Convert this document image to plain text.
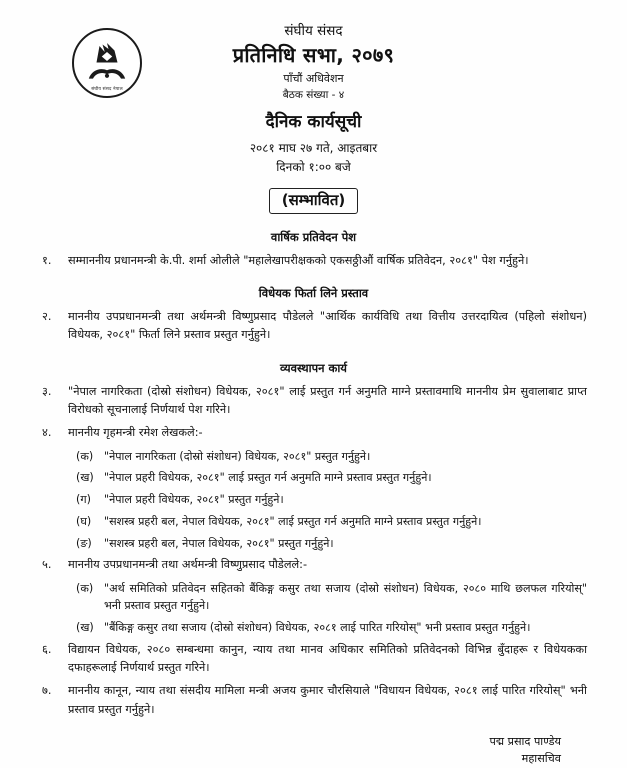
संघीय संसद नेपाल
संघीय संसद
प्रतिनिधि सभा, २०७९
पाँचौं अधिवेशन
बैठक संख्या - ४
दैनिक कार्यसूची
२०८१ माघ २७ गते, आइतबार
दिनको १:०० बजे
(सम्भावित)
वार्षिक प्रतिवेदन पेश
१.	सम्माननीय प्रधानमन्त्री के.पी. शर्मा ओलीले "महालेखापरीक्षकको एकसठ्ठीऔं वार्षिक प्रतिवेदन, २०८१" पेश गर्नुहुने।
विधेयक फिर्ता लिने प्रस्ताव
२.	माननीय उपप्रधानमन्त्री तथा अर्थमन्त्री विष्णुप्रसाद पौडेलले "आर्थिक कार्यविधि तथा वित्तीय उत्तरदायित्व (पहिलो संशोधन) विधेयक, २०८१" फिर्ता लिने प्रस्ताव प्रस्तुत गर्नुहुने।
व्यवस्थापन कार्य
३.	"नेपाल नागरिकता (दोस्रो संशोधन) विधेयक, २०८१" लाई प्रस्तुत गर्न अनुमति माग्ने प्रस्तावमाथि माननीय प्रेम सुवालाबाट प्राप्त विरोधको सूचनालाई निर्णयार्थ पेश गरिने।
४.	माननीय गृहमन्त्री रमेश लेखकले:-
(क) "नेपाल नागरिकता (दोस्रो संशोधन) विधेयक, २०८१" प्रस्तुत गर्नुहुने।
(ख) "नेपाल प्रहरी विधेयक, २०८१" लाई प्रस्तुत गर्न अनुमति माग्ने प्रस्ताव प्रस्तुत गर्नुहुने।
(ग)	"नेपाल प्रहरी विधेयक, २०८१" प्रस्तुत गर्नुहुने।
(घ)	"सशस्त्र प्रहरी बल, नेपाल विधेयक, २०८१" लाई प्रस्तुत गर्न अनुमति माग्ने प्रस्ताव प्रस्तुत गर्नुहुने।
(ङ)	"सशस्त्र प्रहरी बल, नेपाल विधेयक, २०८१" प्रस्तुत गर्नुहुने।
५.	माननीय उपप्रधानमन्त्री तथा अर्थमन्त्री विष्णुप्रसाद पौडेलले:-
(क) "अर्थ समितिको प्रतिवेदन सहितको बैंकिङ्ग कसुर तथा सजाय (दोस्रो संशोधन) विधेयक, २०८० माथि छलफल गरियोस्" भनी प्रस्ताव प्रस्तुत गर्नुहुने।
(ख) "बैंकिङ्ग कसुर तथा सजाय (दोस्रो संशोधन) विधेयक, २०८१ लाई पारित गरियोस्" भनी प्रस्ताव प्रस्तुत गर्नुहुने।
६.	विद्यायन विधेयक, २०८० सम्बन्धमा कानुन, न्याय तथा मानव अधिकार समितिको प्रतिवेदनको विभिन्न बुँदाहरू र विधेयकका दफाहरूलाई निर्णयार्थ प्रस्तुत गरिने।
७.	माननीय कानून, न्याय तथा संसदीय मामिला मन्त्री अजय कुमार चौरसियाले "विधायन विधेयक, २०८१ लाई पारित गरियोस्" भनी प्रस्ताव प्रस्तुत गर्नुहुने।
पद्म प्रसाद पाण्डेय
महासचिव
